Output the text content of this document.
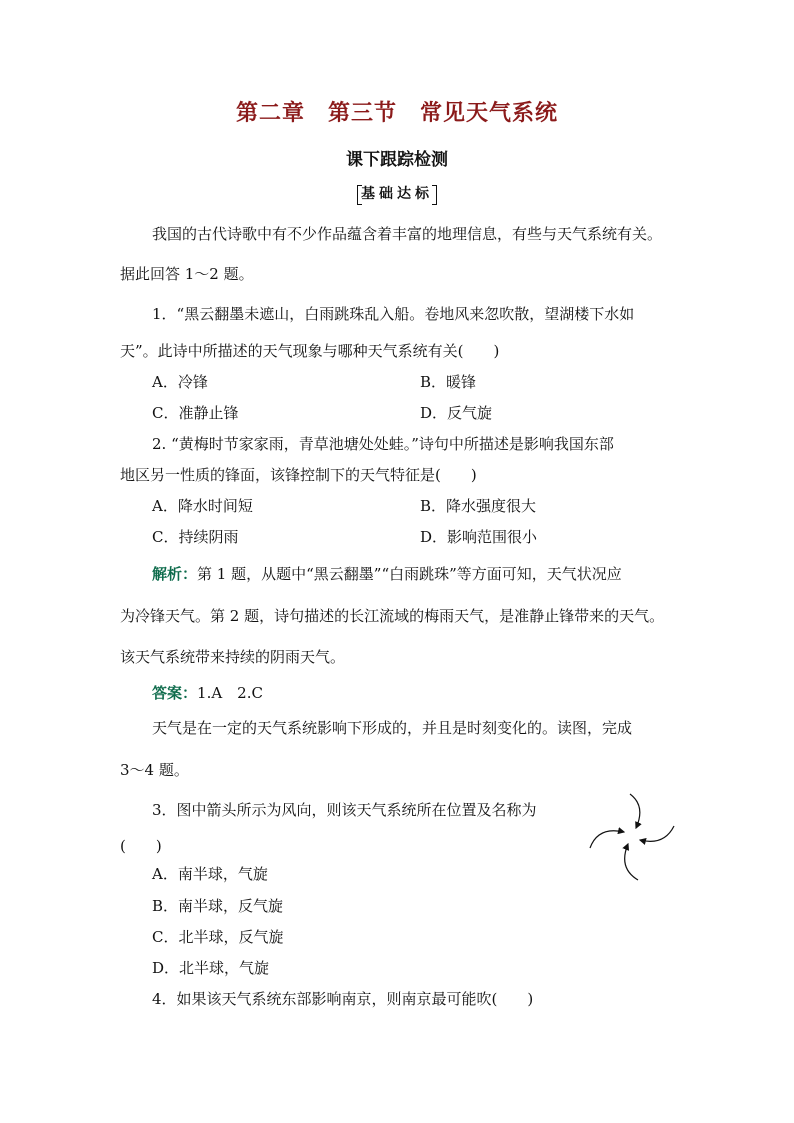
第二章　第三节　常见天气系统
课下跟踪检测
基础达标
我国的古代诗歌中有不少作品蕴含着丰富的地理信息，有些与天气系统有关。
据此回答 1～2 题。
1．“黑云翻墨未遮山，白雨跳珠乱入船。卷地风来忽吹散，望湖楼下水如
天”。此诗中所描述的天气现象与哪种天气系统有关(　　)
A．冷锋	B．暖锋
C．准静止锋	D．反气旋
2. “黄梅时节家家雨，青草池塘处处蛙。”诗句中所描述是影响我国东部
地区另一性质的锋面，该锋控制下的天气特征是(　　)
A．降水时间短	B．降水强度很大
C．持续阴雨	D．影响范围很小
解析：第 1 题，从题中“黑云翻墨”“白雨跳珠”等方面可知，天气状况应
为冷锋天气。第 2 题，诗句描述的长江流域的梅雨天气，是准静止锋带来的天气。
该天气系统带来持续的阴雨天气。
答案：1.A　2.C
天气是在一定的天气系统影响下形成的，并且是时刻变化的。读图，完成
3～4 题。
3．图中箭头所示为风向，则该天气系统所在位置及名称为
(　　)
A．南半球，气旋
B．南半球，反气旋
C．北半球，反气旋
D．北半球，气旋
4．如果该天气系统东部影响南京，则南京最可能吹(　　)
